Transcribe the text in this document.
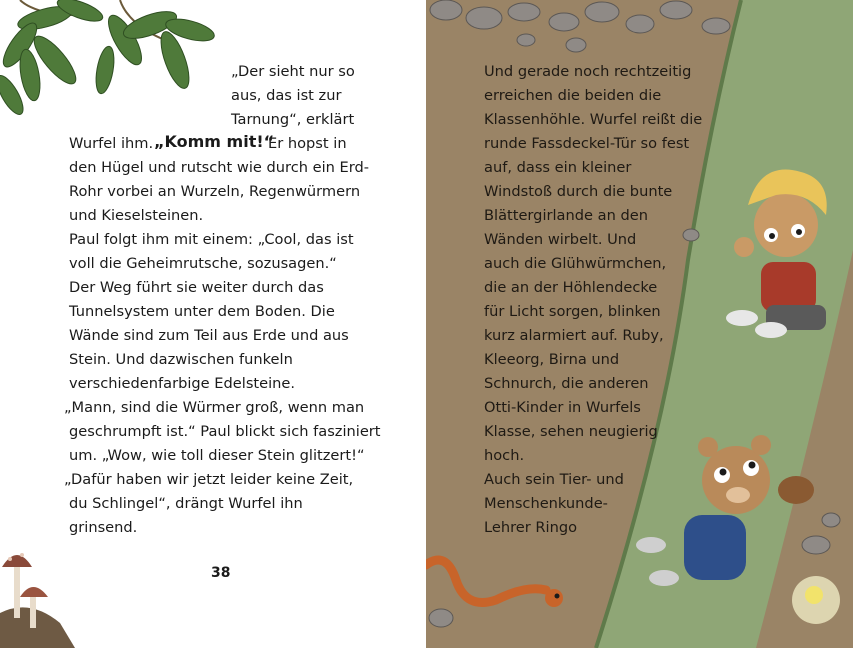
„Der sieht nur so
aus, das ist zur
Tarnung“, erklärt
Wurfel ihm. „Komm mit!“
Er hopst in
den Hügel und rutscht wie durch ein Erd-
Rohr vorbei an Wurzeln, Regenwürmern
und Kieselsteinen.
Paul folgt ihm mit einem: „Cool, das ist
voll die Geheimrutsche, sozusagen.“
Der Weg führt sie weiter durch das
Tunnelsystem unter dem Boden. Die
Wände sind zum Teil aus Erde und aus
Stein. Und dazwischen funkeln
verschiedenfarbige Edelsteine.
„Mann, sind die Würmer groß, wenn man
geschrumpft ist.“ Paul blickt sich fasziniert
um. „Wow, wie toll dieser Stein glitzert!“
„Dafür haben wir jetzt leider keine Zeit,
du Schlingel“, drängt Wurfel ihn
grinsend.
38
Und gerade noch rechtzeitig
erreichen die beiden die
Klassenhöhle. Wurfel reißt die
runde Fassdeckel-Tür so fest
auf, dass ein kleiner
Windstoß durch die bunte
Blättergirlande an den
Wänden wirbelt. Und
auch die Glühwürmchen,
die an der Höhlendecke
für Licht sorgen, blinken
kurz alarmiert auf. Ruby,
Kleeorg, Birna und
Schnurch, die anderen
Otti-Kinder in Wurfels
Klasse, sehen neugierig
hoch.
Auch sein Tier- und
Menschenkunde-
Lehrer Ringo
